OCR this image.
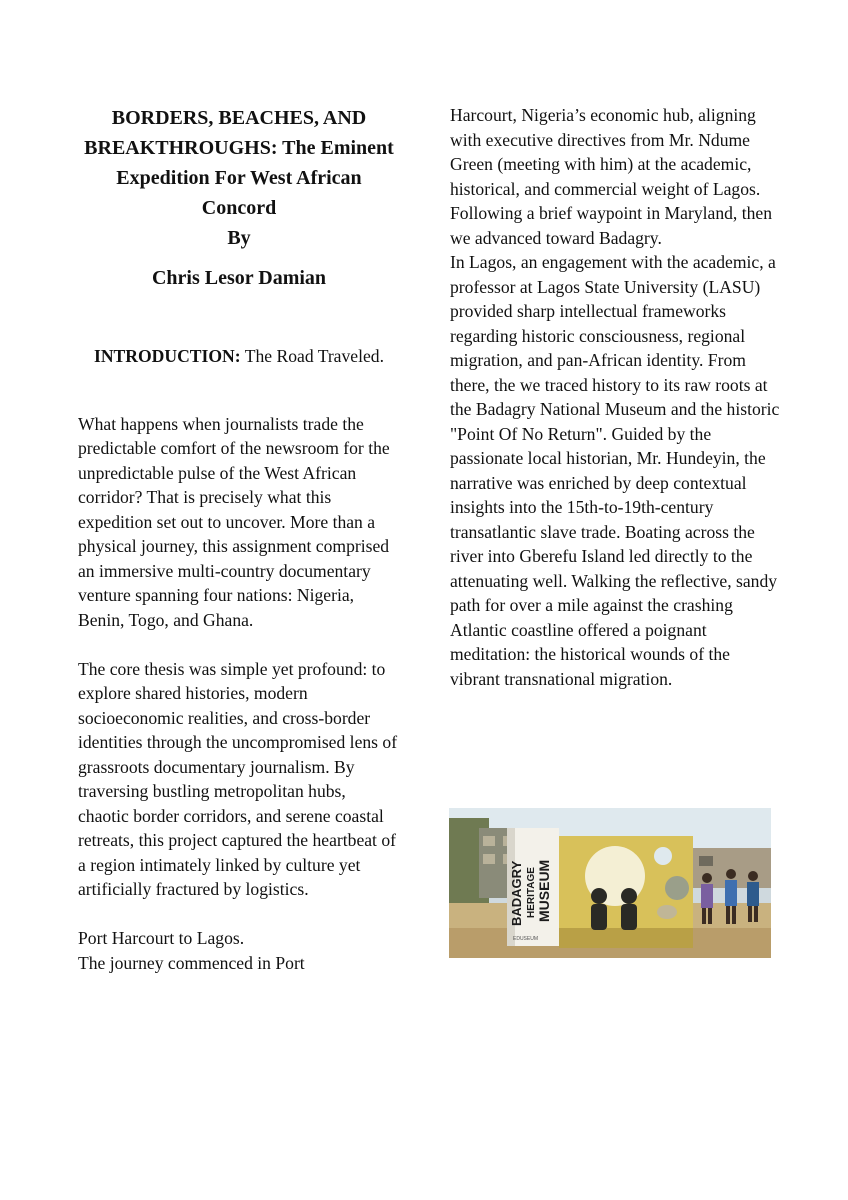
BORDERS, BEACHES, AND BREAKTHROUGHS: The Eminent Expedition For West African Concord

By

Chris Lesor Damian

INTRODUCTION: The Road Traveled.

What happens when journalists trade the predictable comfort of the newsroom for the unpredictable pulse of the West African corridor? That is precisely what this expedition set out to uncover. More than a physical journey, this assignment comprised an immersive multi-country documentary venture spanning four nations: Nigeria, Benin, Togo, and Ghana.

The core thesis was simple yet profound: to explore shared histories, modern socioeconomic realities, and cross-border identities through the uncompromised lens of grassroots documentary journalism. By traversing bustling metropolitan hubs, chaotic border corridors, and serene coastal retreats, this project captured the heartbeat of a region intimately linked by culture yet artificially fractured by logistics.

Port Harcourt to Lagos.

The journey commenced in Port

Harcourt, Nigeria’s economic hub, aligning with executive directives from Mr. Ndume Green (meeting with him) at the academic, historical, and commercial weight of Lagos. Following a brief waypoint in Maryland, then we advanced toward Badagry.

In Lagos, an engagement with the academic, a professor at Lagos State University (LASU) provided sharp intellectual frameworks regarding historic consciousness, regional migration, and pan-African identity. From there, the we traced history to its raw roots at the Badagry National Museum and the historic "Point Of No Return". Guided by the passionate local historian, Mr. Hundeyin, the narrative was enriched by deep contextual insights into the 15th-to-19th-century transatlantic slave trade. Boating across the river into Gberefu Island led directly to the attenuating well. Walking the reflective, sandy path for over a mile against the crashing Atlantic coastline offered a poignant meditation: the historical wounds of the vibrant transnational migration.

BADAGRY HERITAGE MUSEUM
EDUSEUM
